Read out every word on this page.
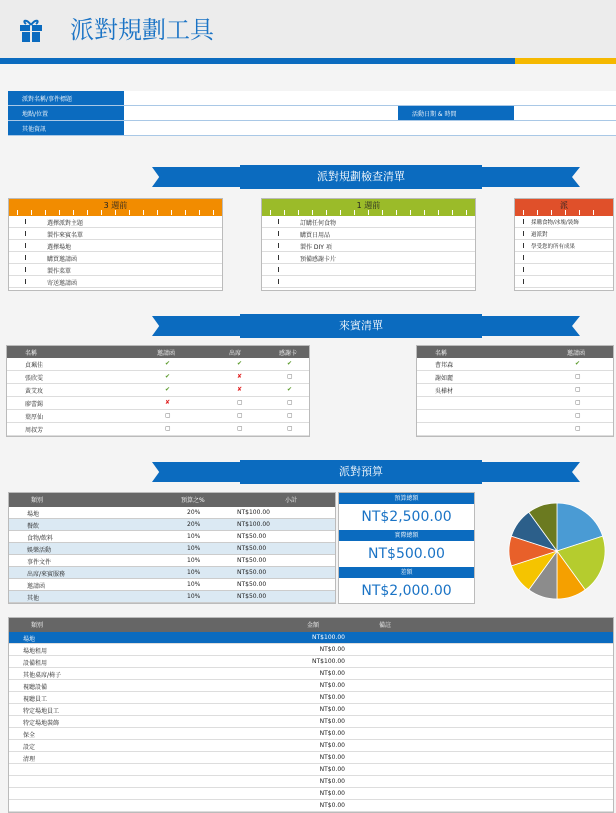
派對規劃工具
派對名稱/事件標題
地點/位置	活動日期 & 時間
其他資訊
派對規劃檢查清單
來賓清單
名稱	邀請函	出席	感謝卡
貞珮佳	✔	✔	✔
張欣雯	✔	✘	▢
黃艾玫	✔	✘	✔
廖蕾錫	✘	▢	▢
葉厚仙	▢	▢	▢
周叔芳	▢	▢	▢
名稱	邀請函
曹邦森	✔
謝如麗	▢
吳樺材	▢
▢
▢
▢
派對預算
類別	預算之%	小計
場地	20%	NT$100.00
餐飲	20%	NT$100.00
食物/飲料	10%	NT$50.00
娛樂活動	10%	NT$50.00
事件文件	10%	NT$50.00
出席/來賓服務	10%	NT$50.00
邀請函	10%	NT$50.00
其他	10%	NT$50.00
預算總額
NT$2,500.00
實際總額
NT$500.00
差額
NT$2,000.00
類別	金額	備註
場地	NT$100.00
場地租用	NT$0.00
設備租用	NT$100.00
其他桌席/椅子	NT$0.00
視聽設備	NT$0.00
視聽員工	NT$0.00
特定場地員工	NT$0.00
特定場地裝飾	NT$0.00
保全	NT$0.00
設定	NT$0.00
清理	NT$0.00
NT$0.00
NT$0.00
NT$0.00
NT$0.00
3 週前
選擇派對主題
製作來賓名單
選擇場地
購買邀請函
製作菜單
寄送邀請函
1 週前
訂購任何食物
購買日用品
製作 DIY 項
預備感謝卡片
派
採購食物/冰塊/裝飾
過派對
學受您的所有成果
